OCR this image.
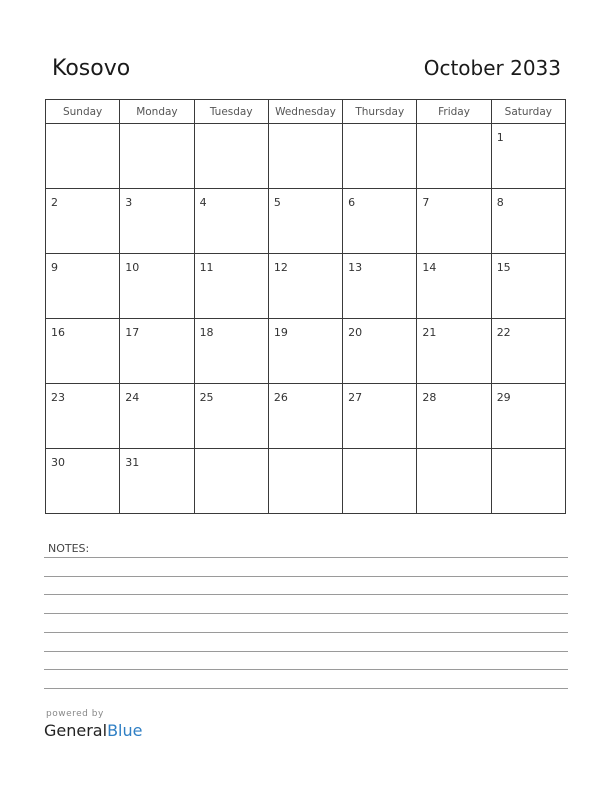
Kosovo	October 2033
Sunday	Monday	Tuesday	Wednesday	Thursday	Friday	Saturday

						1

2	3	4	5	6	7	8

9	10	11	12	13	14	15

16	17	18	19	20	21	22

23	24	25	26	27	28	29

30	31					

NOTES:
powered by
GeneralBlue
